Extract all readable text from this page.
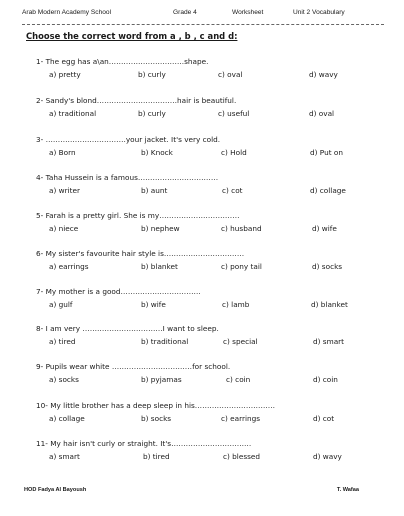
Arab Modern Academy School	Grade 4	Worksheet	Unit 2 Vocabulary
Choose the correct word from a , b , c and d:
1- The egg has a\an………………………….shape.
a) pretty	b) curly	c) oval	d) wavy
2- Sandy's blond……………………………hair is beautiful.
a) traditional	b) curly	c) useful	d) oval
3- ……………………………your jacket. It's very cold.
a) Born	b) Knock	c) Hold	d) Put on
4- Taha Hussein is a famous……………………………
a) writer	b) aunt	c) cot	d) collage
5- Farah is a pretty girl. She is my……………………………
a) niece	b) nephew	c) husband	d) wife
6- My sister's favourite hair style is……………………………
a) earrings	b) blanket	c) pony tail	d) socks
7- My mother is a good……………………………
a) gulf	b) wife	c) lamb	d) blanket
8- I am very ……………………………I want to sleep.
a) tired	b) traditional	c) special	d) smart
9- Pupils wear white ……………………………for school.
a) socks	b) pyjamas	c) coin	d) coin
10- My little brother has a deep sleep in his……………………………
a) collage	b) socks	c) earrings	d) cot
11- My hair isn't curly or straight. It's……………………………
a) smart	b) tired	c) blessed	d) wavy
HOD Fadya Al Bayoush	T. Wafaa
